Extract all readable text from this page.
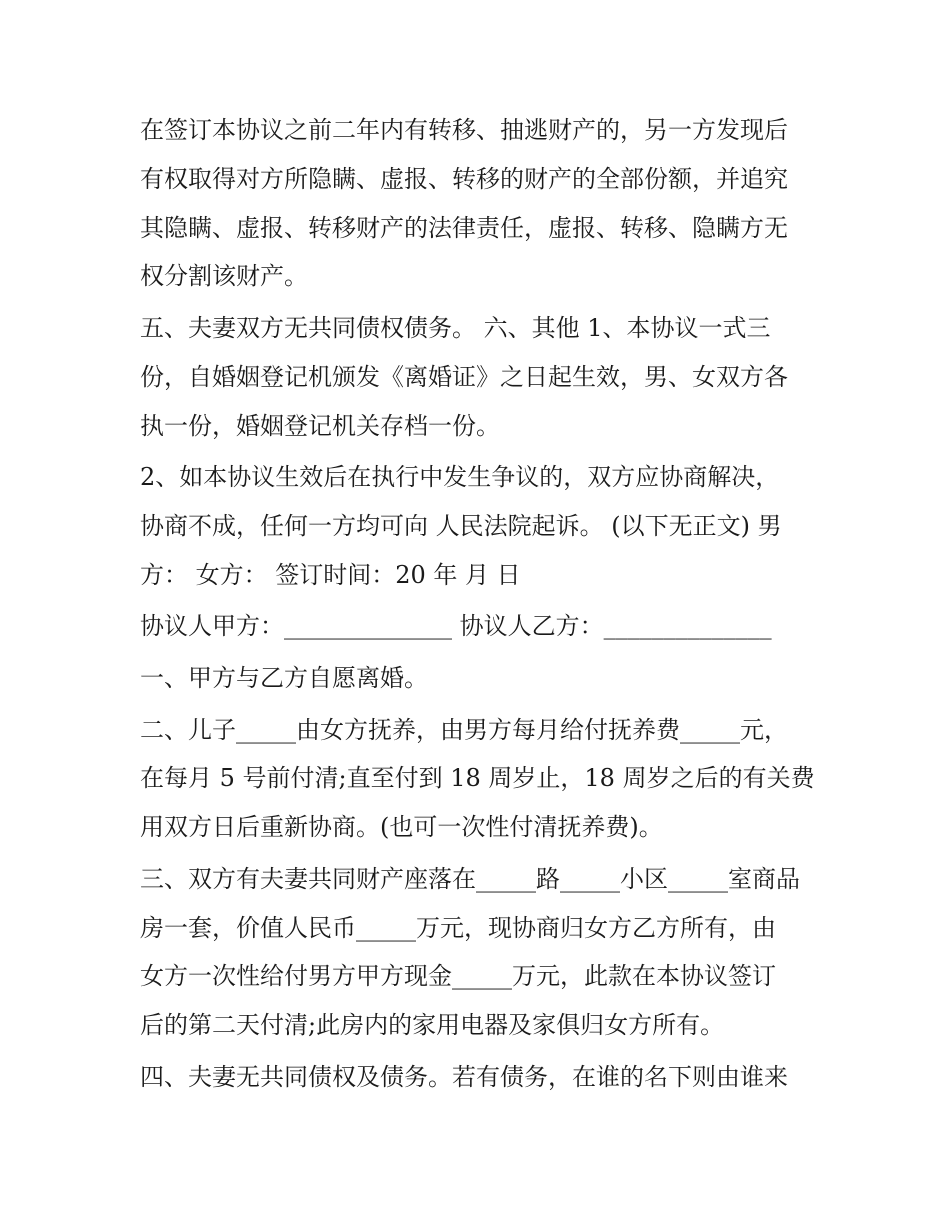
在签订本协议之前二年内有转移、抽逃财产的，另一方发现后
有权取得对方所隐瞒、虚报、转移的财产的全部份额，并追究
其隐瞒、虚报、转移财产的法律责任，虚报、转移、隐瞒方无
权分割该财产。
五、夫妻双方无共同债权债务。 六、其他 1、本协议一式三
份，自婚姻登记机颁发《离婚证》之日起生效，男、女双方各
执一份，婚姻登记机关存档一份。
2、如本协议生效后在执行中发生争议的，双方应协商解决，
协商不成，任何一方均可向 人民法院起诉。 (以下无正文) 男
方： 女方： 签订时间：20 年 月 日
协议人甲方：______________ 协议人乙方：______________
一、甲方与乙方自愿离婚。
二、儿子_____由女方抚养，由男方每月给付抚养费_____元，
在每月 5 号前付清;直至付到 18 周岁止，18 周岁之后的有关费
用双方日后重新协商。(也可一次性付清抚养费)。
三、双方有夫妻共同财产座落在_____路_____小区_____室商品
房一套，价值人民币_____万元，现协商归女方乙方所有，由
女方一次性给付男方甲方现金_____万元，此款在本协议签订
后的第二天付清;此房内的家用电器及家俱归女方所有。
四、夫妻无共同债权及债务。若有债务，在谁的名下则由谁来
